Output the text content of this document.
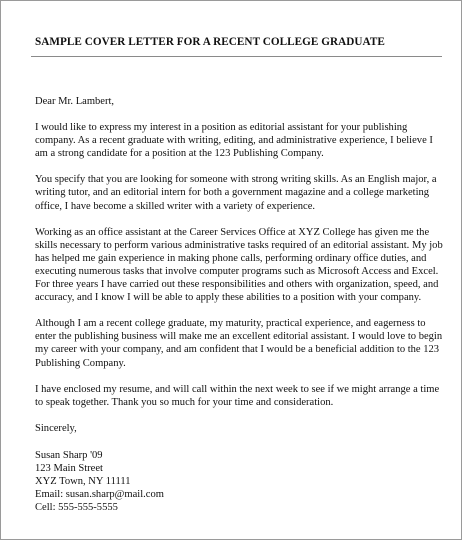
SAMPLE COVER LETTER FOR A RECENT COLLEGE GRADUATE
Dear Mr. Lambert,
I would like to express my interest in a position as editorial assistant for your publishing
company. As a recent graduate with writing, editing, and administrative experience, I believe I
am a strong candidate for a position at the 123 Publishing Company.
You specify that you are looking for someone with strong writing skills. As an English major, a
writing tutor, and an editorial intern for both a government magazine and a college marketing
office, I have become a skilled writer with a variety of experience.
Working as an office assistant at the Career Services Office at XYZ College has given me the
skills necessary to perform various administrative tasks required of an editorial assistant. My job
has helped me gain experience in making phone calls, performing ordinary office duties, and
executing numerous tasks that involve computer programs such as Microsoft Access and Excel.
For three years I have carried out these responsibilities and others with organization, speed, and
accuracy, and I know I will be able to apply these abilities to a position with your company.
Although I am a recent college graduate, my maturity, practical experience, and eagerness to
enter the publishing business will make me an excellent editorial assistant. I would love to begin
my career with your company, and am confident that I would be a beneficial addition to the 123
Publishing Company.
I have enclosed my resume, and will call within the next week to see if we might arrange a time
to speak together. Thank you so much for your time and consideration.
Sincerely,
Susan Sharp '09
123 Main Street
XYZ Town, NY 11111
Email: susan.sharp@mail.com
Cell: 555-555-5555
